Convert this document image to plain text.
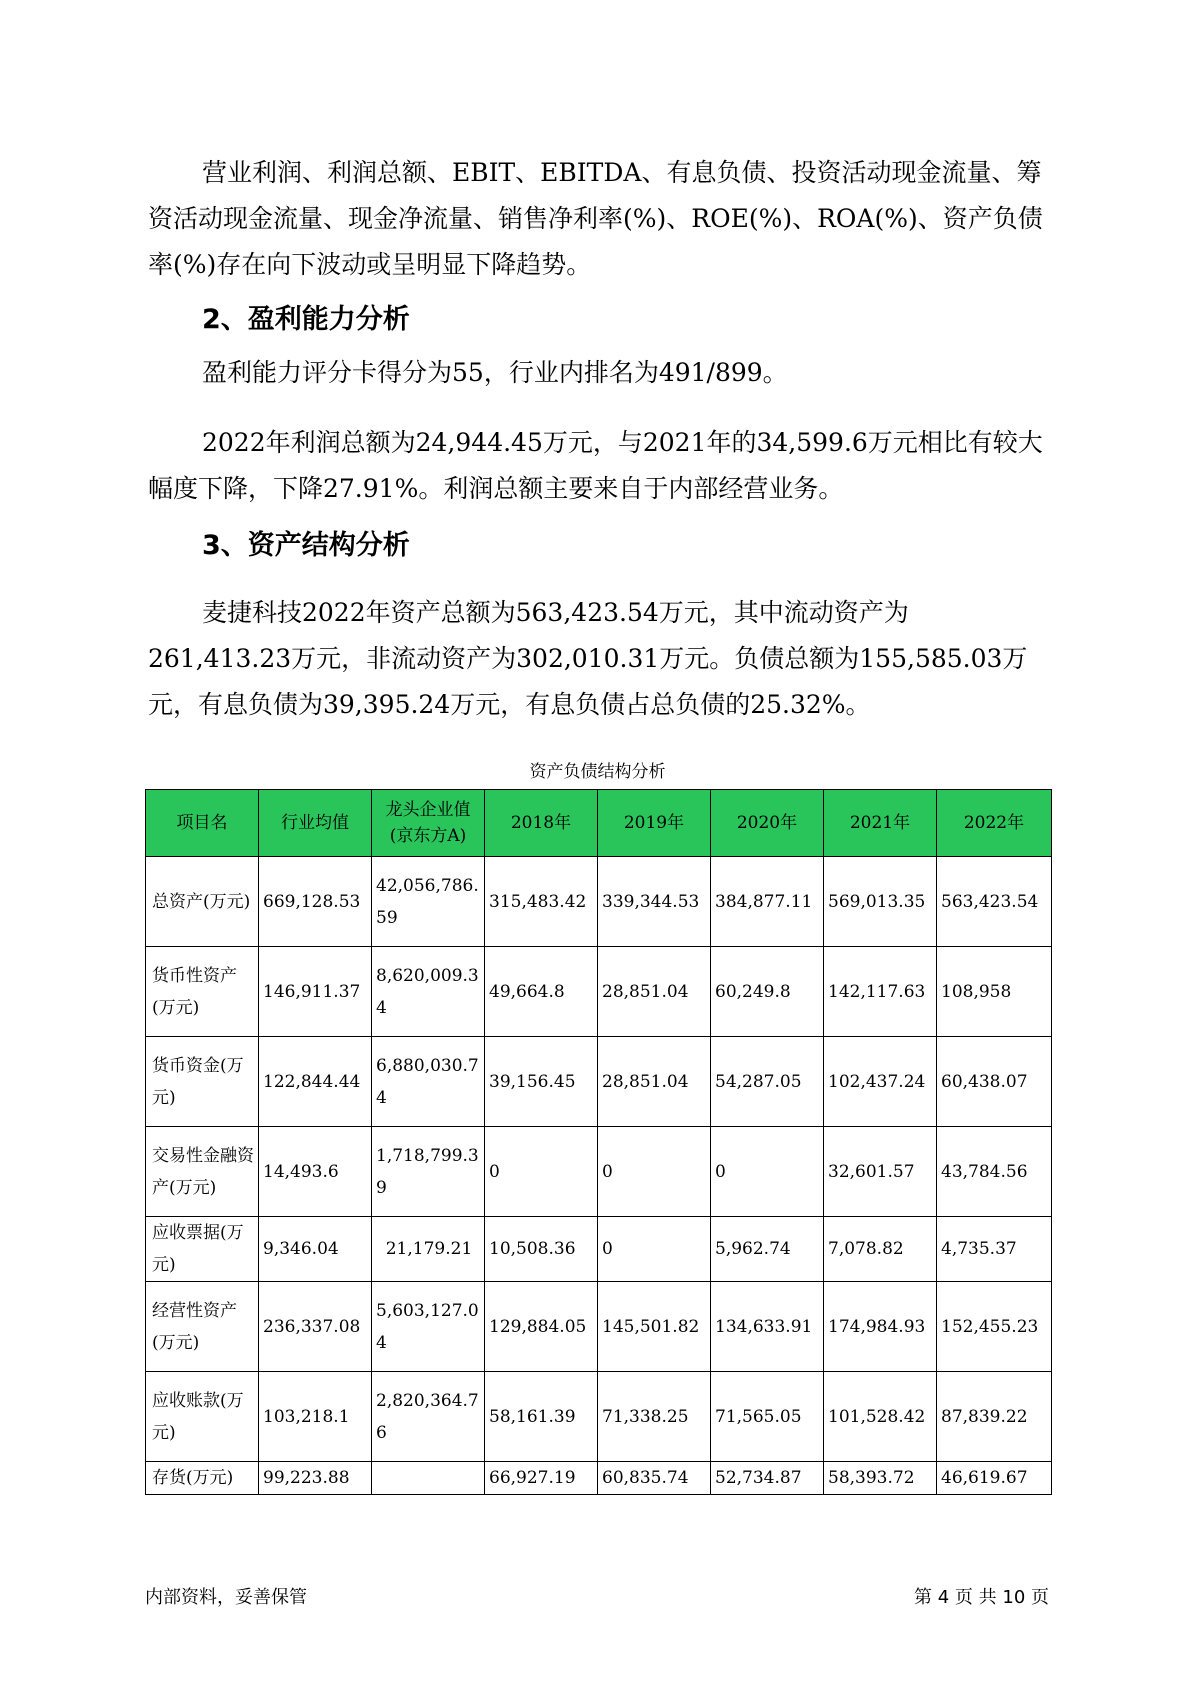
营业利润、利润总额、EBIT、EBITDA、有息负债、投资活动现金流量、筹资活动现金流量、现金净流量、销售净利率(%)、ROE(%)、ROA(%)、资产负债率(%)存在向下波动或呈明显下降趋势。

2、盈利能力分析

盈利能力评分卡得分为55，行业内排名为491/899。

2022年利润总额为24,944.45万元，与2021年的34,599.6万元相比有较大幅度下降，下降27.91%。利润总额主要来自于内部经营业务。

3、资产结构分析

麦捷科技2022年资产总额为563,423.54万元，其中流动资产为261,413.23万元，非流动资产为302,010.31万元。负债总额为155,585.03万元，有息负债为39,395.24万元，有息负债占总负债的25.32%。

资产负债结构分析
项目名	行业均值	龙头企业值(京东方A)	2018年	2019年	2020年	2021年	2022年
总资产(万元)	669,128.53	42,056,786.59	315,483.42	339,344.53	384,877.11	569,013.35	563,423.54
货币性资产(万元)	146,911.37	8,620,009.34	49,664.8	28,851.04	60,249.8	142,117.63	108,958
货币资金(万元)	122,844.44	6,880,030.74	39,156.45	28,851.04	54,287.05	102,437.24	60,438.07
交易性金融资产(万元)	14,493.6	1,718,799.39	0	0	0	32,601.57	43,784.56
应收票据(万元)	9,346.04	21,179.21	10,508.36	0	5,962.74	7,078.82	4,735.37
经营性资产(万元)	236,337.08	5,603,127.04	129,884.05	145,501.82	134,633.91	174,984.93	152,455.23
应收账款(万元)	103,218.1	2,820,364.76	58,161.39	71,338.25	71,565.05	101,528.42	87,839.22
存货(万元)	99,223.88		66,927.19	60,835.74	52,734.87	58,393.72	46,619.67
内部资料，妥善保管	第 4 页 共 10 页
